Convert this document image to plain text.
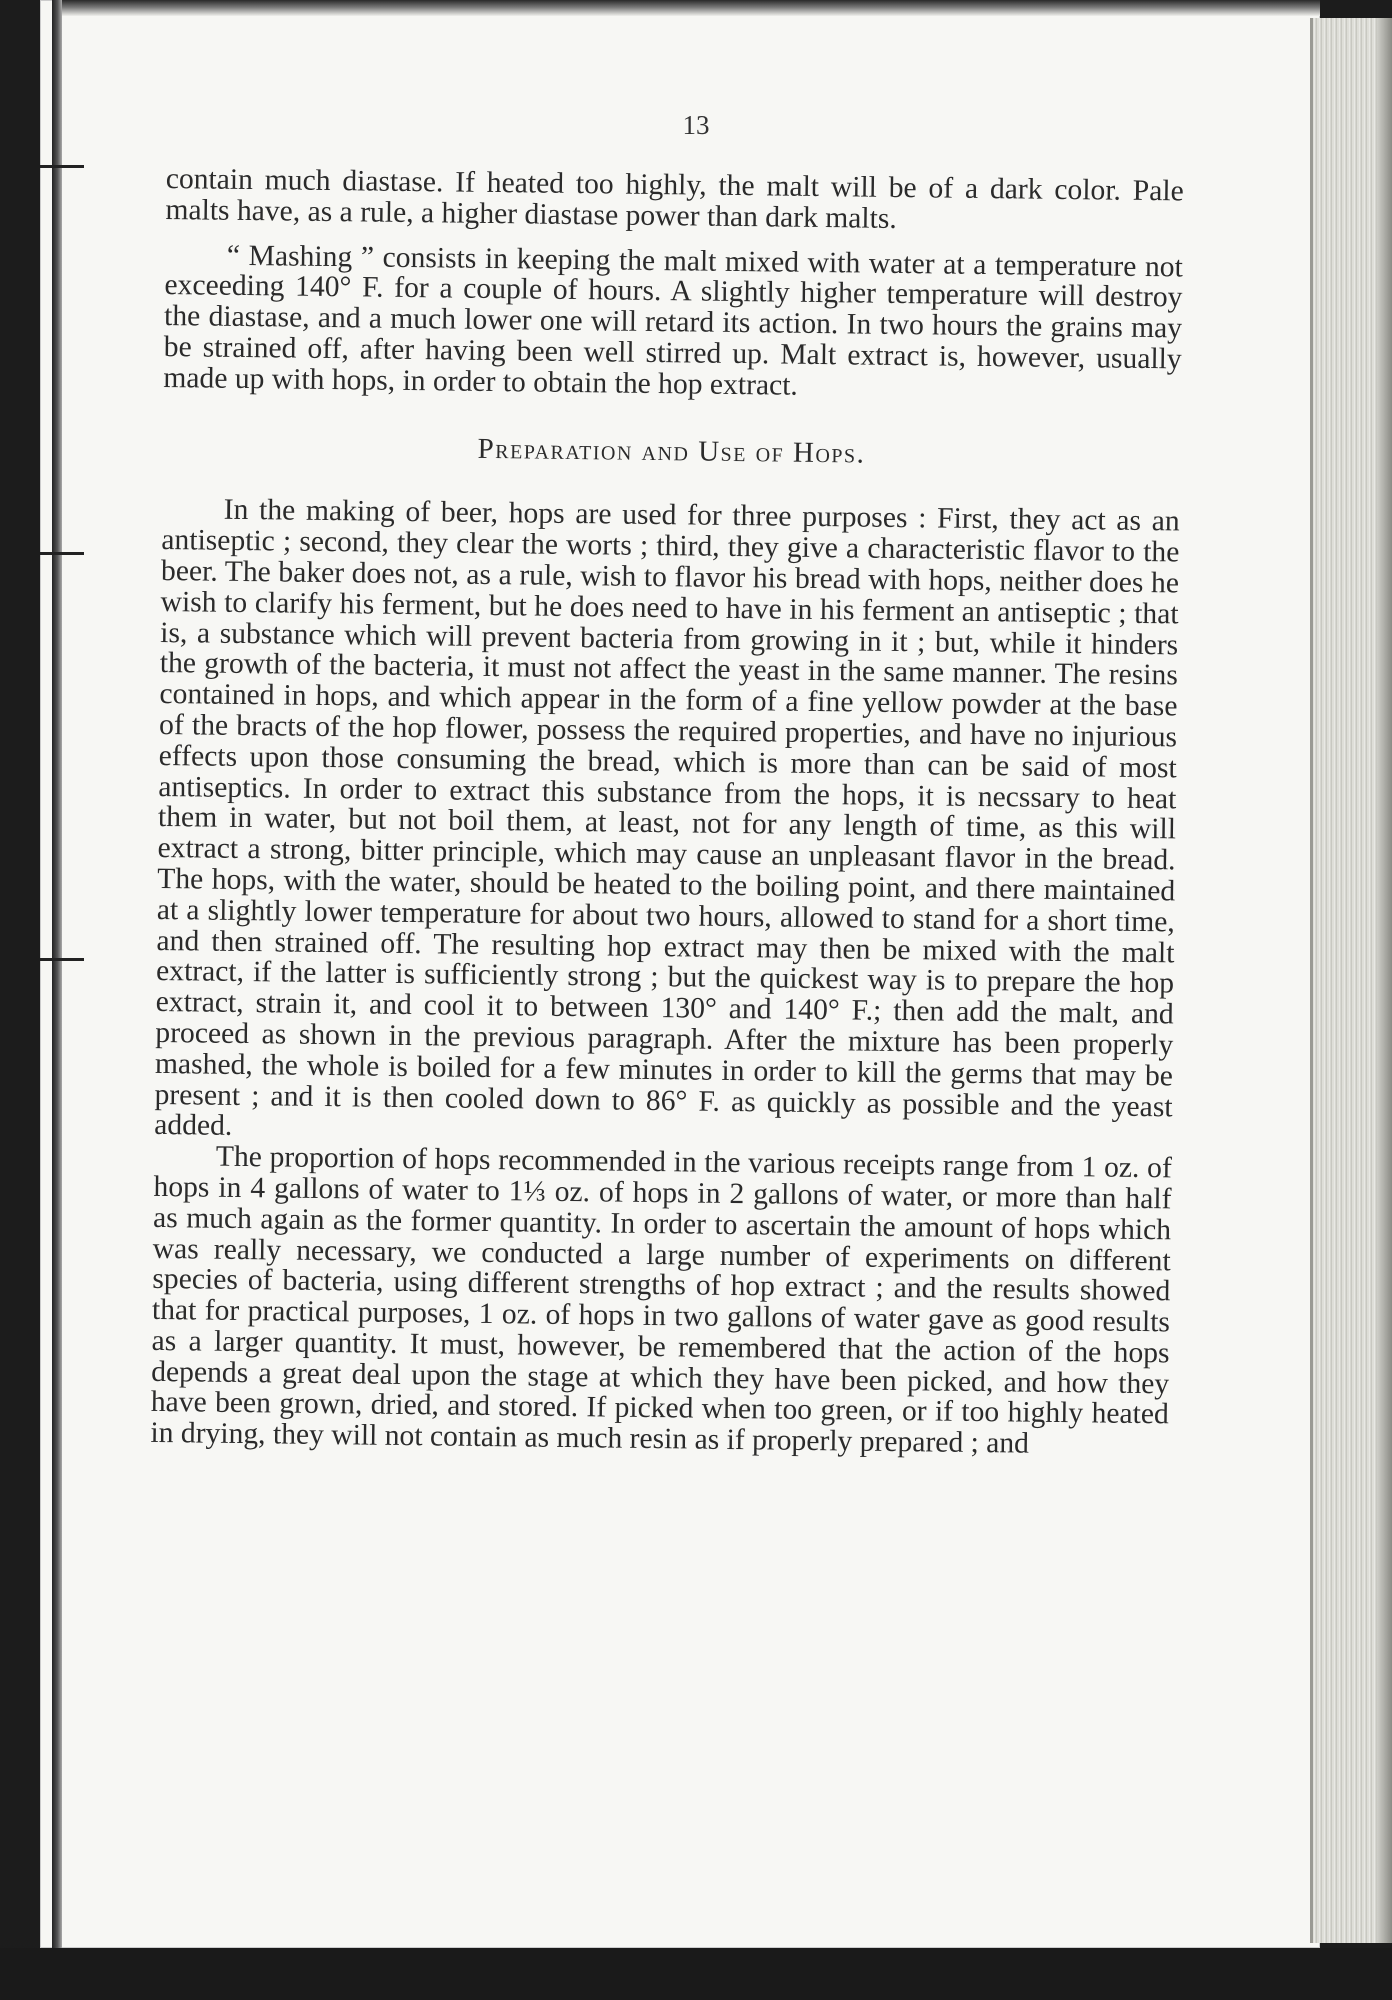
13

contain much diastase. If heated too highly, the malt will be of a dark color. Pale malts have, as a rule, a higher diastase power than dark malts.

“ Mashing ” consists in keeping the malt mixed with water at a temperature not exceeding 140° F. for a couple of hours. A slightly higher temperature will destroy the diastase, and a much lower one will retard its action. In two hours the grains may be strained off, after having been well stirred up. Malt extract is, however, usually made up with hops, in order to obtain the hop extract.

Preparation and Use of Hops.

In the making of beer, hops are used for three purposes : First, they act as an antiseptic ; second, they clear the worts ; third, they give a characteristic flavor to the beer. The baker does not, as a rule, wish to flavor his bread with hops, neither does he wish to clarify his ferment, but he does need to have in his ferment an antiseptic ; that is, a substance which will prevent bacteria from growing in it ; but, while it hinders the growth of the bacteria, it must not affect the yeast in the same manner. The resins contained in hops, and which appear in the form of a fine yellow powder at the base of the bracts of the hop flower, possess the required properties, and have no injurious effects upon those consuming the bread, which is more than can be said of most antiseptics. In order to extract this substance from the hops, it is necssary to heat them in water, but not boil them, at least, not for any length of time, as this will extract a strong, bitter principle, which may cause an unpleasant flavor in the bread. The hops, with the water, should be heated to the boiling point, and there maintained at a slightly lower temperature for about two hours, allowed to stand for a short time, and then strained off. The resulting hop extract may then be mixed with the malt extract, if the latter is sufficiently strong ; but the quickest way is to prepare the hop extract, strain it, and cool it to between 130° and 140° F.; then add the malt, and proceed as shown in the previous paragraph. After the mixture has been properly mashed, the whole is boiled for a few minutes in order to kill the germs that may be present ; and it is then cooled down to 86° F. as quickly as possible and the yeast added.

The proportion of hops recommended in the various receipts range from 1 oz. of hops in 4 gallons of water to 1⅓ oz. of hops in 2 gallons of water, or more than half as much again as the former quantity. In order to ascertain the amount of hops which was really necessary, we conducted a large number of experiments on different species of bacteria, using different strengths of hop extract ; and the results showed that for practical purposes, 1 oz. of hops in two gallons of water gave as good results as a larger quantity. It must, however, be remembered that the action of the hops depends a great deal upon the stage at which they have been picked, and how they have been grown, dried, and stored. If picked when too green, or if too highly heated in drying, they will not contain as much resin as if properly prepared ; and
